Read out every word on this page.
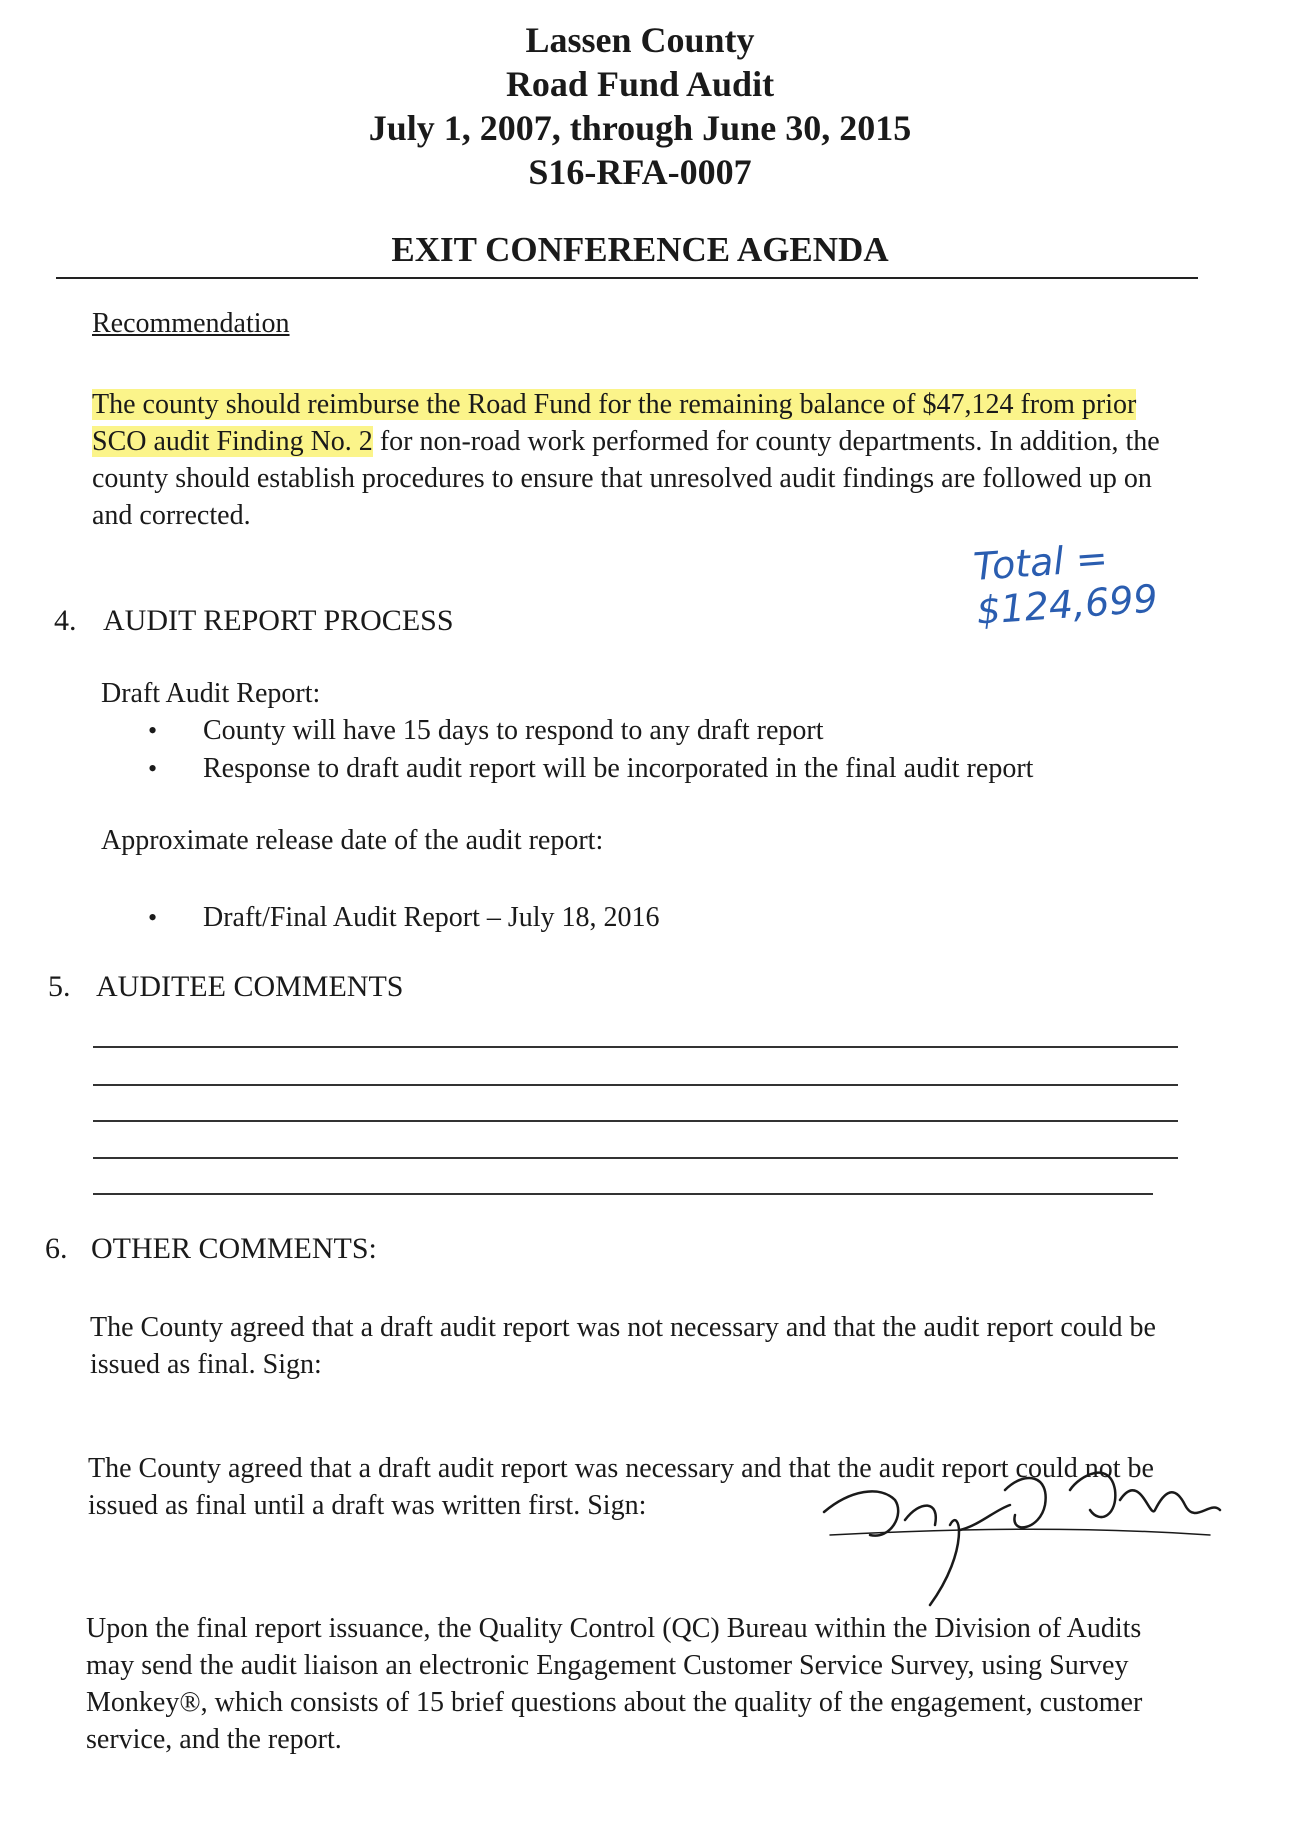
Lassen County
Road Fund Audit
July 1, 2007, through June 30, 2015
S16-RFA-0007
EXIT CONFERENCE AGENDA
Recommendation
The county should reimburse the Road Fund for the remaining balance of $47,124 from prior SCO audit Finding No. 2 for non-road work performed for county departments. In addition, the county should establish procedures to ensure that unresolved audit findings are followed up on and corrected.
Total = $124,699
4. AUDIT REPORT PROCESS
Draft Audit Report:
• County will have 15 days to respond to any draft report
• Response to draft audit report will be incorporated in the final audit report
Approximate release date of the audit report:
• Draft/Final Audit Report – July 18, 2016
5. AUDITEE COMMENTS
6. OTHER COMMENTS:
The County agreed that a draft audit report was not necessary and that the audit report could be issued as final. Sign:
The County agreed that a draft audit report was necessary and that the audit report could not be issued as final until a draft was written first. Sign:
Upon the final report issuance, the Quality Control (QC) Bureau within the Division of Audits may send the audit liaison an electronic Engagement Customer Service Survey, using Survey Monkey®, which consists of 15 brief questions about the quality of the engagement, customer service, and the report.
